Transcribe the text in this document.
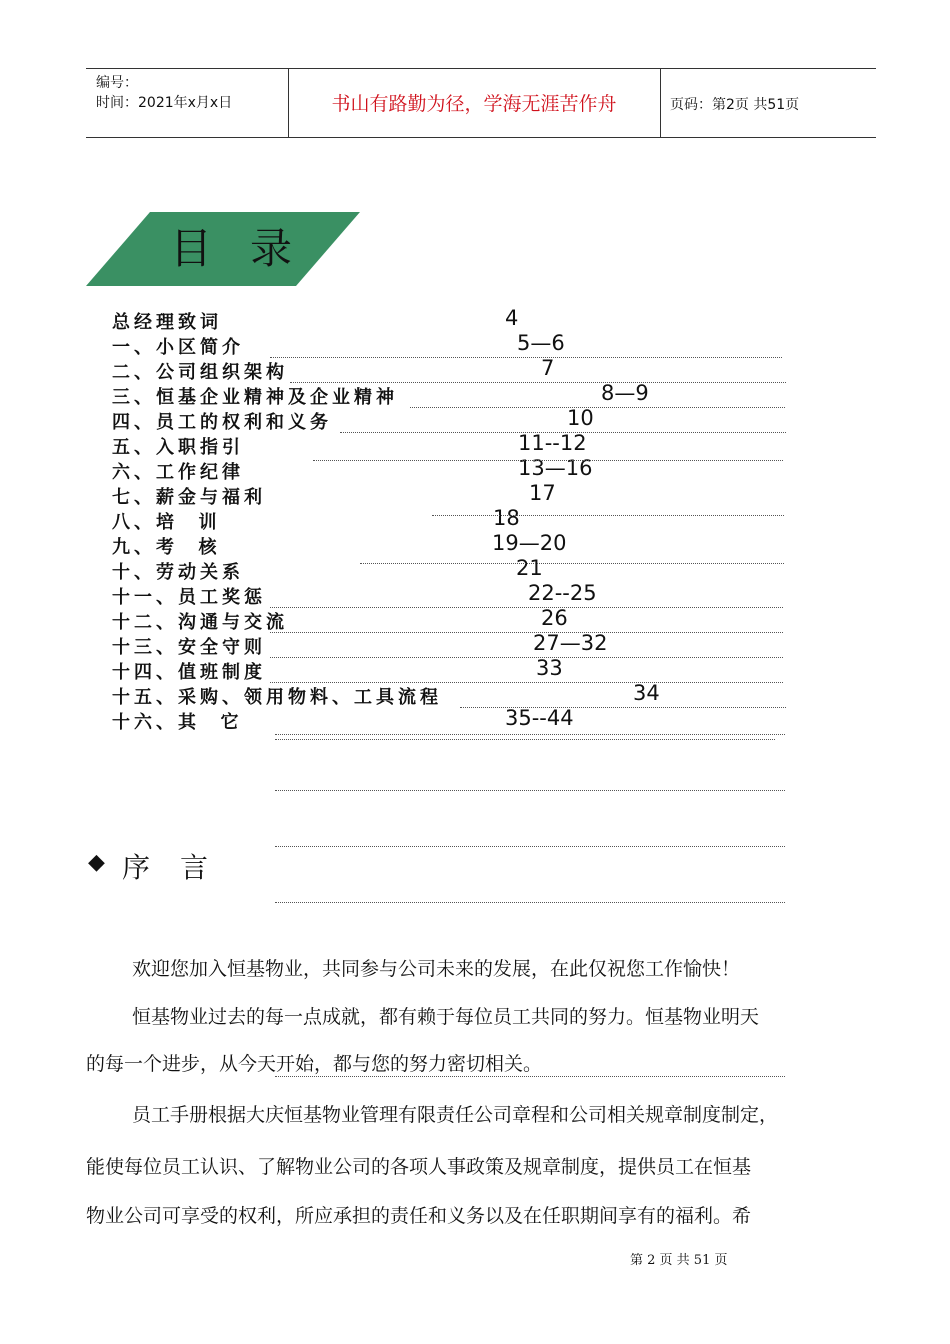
编号：
时间：2021年x月x日	书山有路勤为径，学海无涯苦作舟	页码：第2页 共51页
目录
总经理致词	4
一、小区简介	5—6
二、公司组织架构	7
三、恒基企业精神及企业精神	8—9
四、员工的权利和义务	10
五、入职指引	11--12
六、工作纪律	13—16
七、薪金与福利	17
八、培  训	18
九、考  核	19—20
十、劳动关系	21
十一、员工奖惩	22--25
十二、沟通与交流	26
十三、安全守则	27—32
十四、值班制度	33
十五、采购、领用物料、工具流程	34
十六、其  它	35--44
◆ 序言
欢迎您加入恒基物业，共同参与公司未来的发展，在此仅祝您工作愉快！
恒基物业过去的每一点成就，都有赖于每位员工共同的努力。恒基物业明天
的每一个进步，从今天开始，都与您的努力密切相关。
员工手册根据大庆恒基物业管理有限责任公司章程和公司相关规章制度制定，
能使每位员工认识、了解物业公司的各项人事政策及规章制度，提供员工在恒基
物业公司可享受的权利，所应承担的责任和义务以及在任职期间享有的福利。希
第 2 页 共 51 页
